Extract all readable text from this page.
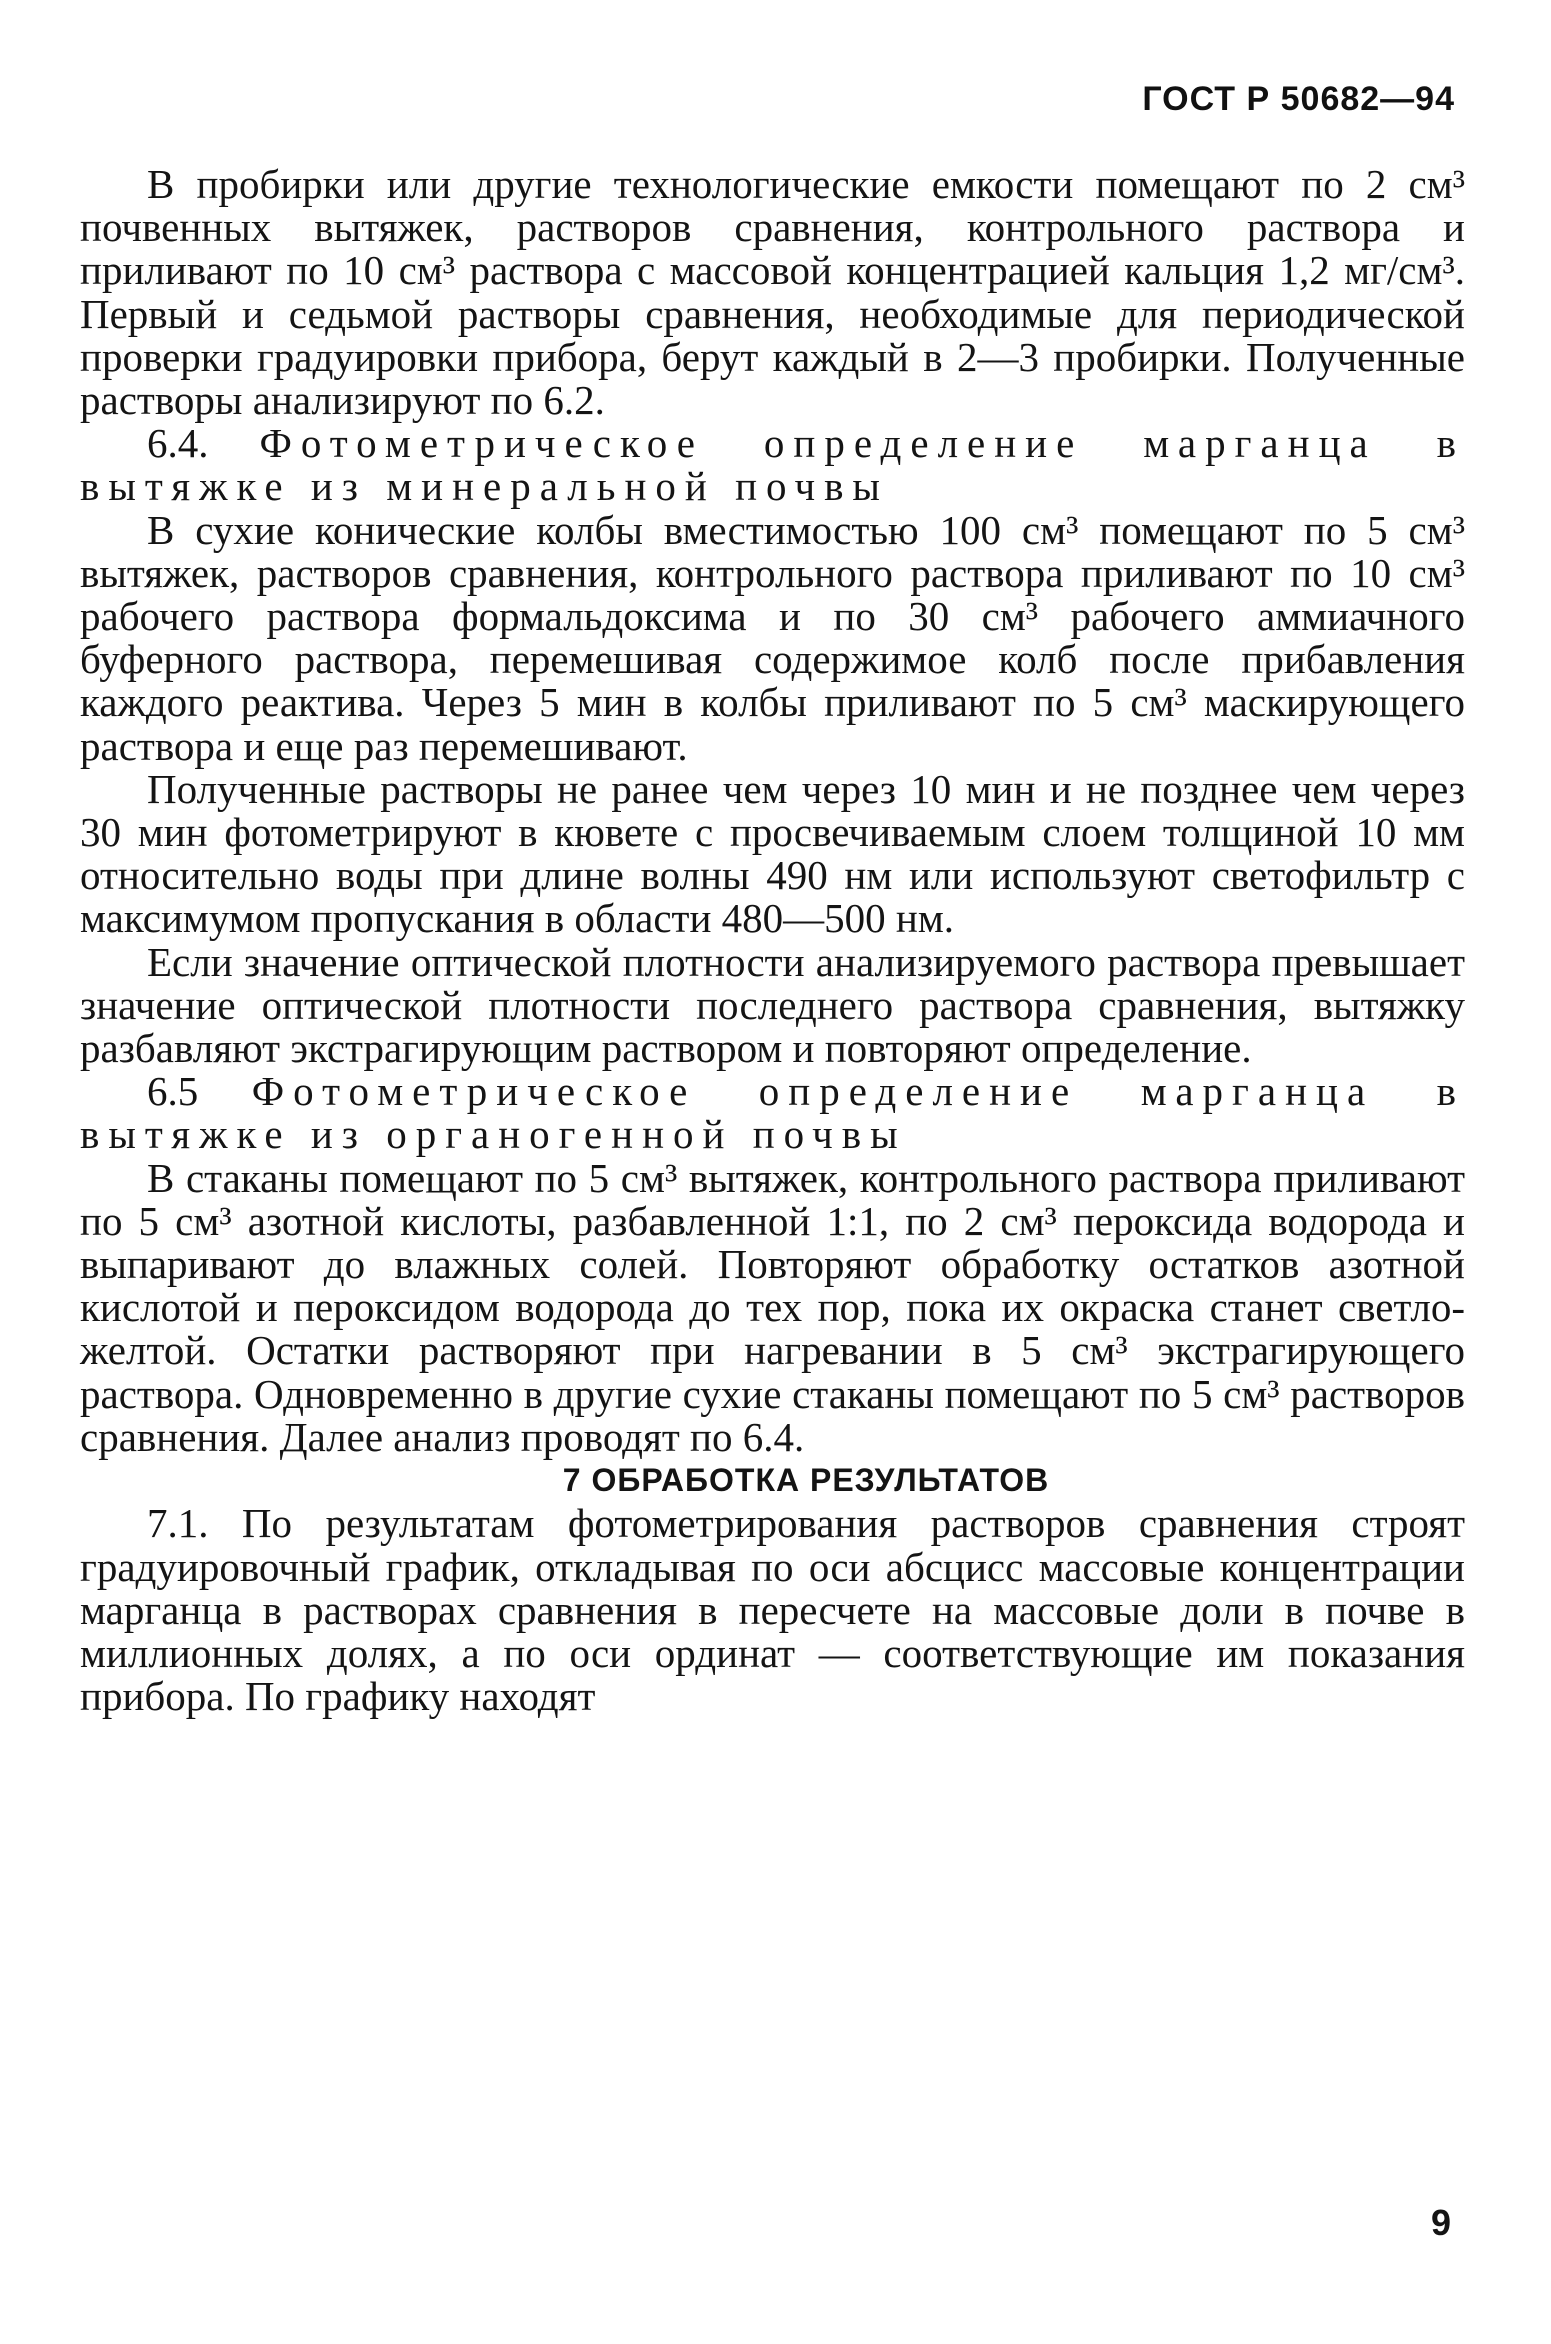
ГОСТ Р 50682—94

В пробирки или другие технологические емкости помещают по 2 см³ почвенных вытяжек, растворов сравнения, контрольного раствора и приливают по 10 см³ раствора с массовой концентрацией кальция 1,2 мг/см³. Первый и седьмой растворы сравнения, необходимые для периодической проверки градуировки прибора, берут каждый в 2—3 пробирки. Полученные растворы анализируют по 6.2.

6.4. Фотометрическое определение марганца в вытяжке из минеральной почвы

В сухие конические колбы вместимостью 100 см³ помещают по 5 см³ вытяжек, растворов сравнения, контрольного раствора приливают по 10 см³ рабочего раствора формальдоксима и по 30 см³ рабочего аммиачного буферного раствора, перемешивая содержимое колб после прибавления каждого реактива. Через 5 мин в колбы приливают по 5 см³ маскирующего раствора и еще раз перемешивают.

Полученные растворы не ранее чем через 10 мин и не позднее чем через 30 мин фотометрируют в кювете с просвечиваемым слоем толщиной 10 мм относительно воды при длине волны 490 нм или используют светофильтр с максимумом пропускания в области 480—500 нм.

Если значение оптической плотности анализируемого раствора превышает значение оптической плотности последнего раствора сравнения, вытяжку разбавляют экстрагирующим раствором и повторяют определение.

6.5 Фотометрическое определение марганца в вытяжке из органогенной почвы

В стаканы помещают по 5 см³ вытяжек, контрольного раствора приливают по 5 см³ азотной кислоты, разбавленной 1:1, по 2 см³ пероксида водорода и выпаривают до влажных солей. Повторяют обработку остатков азотной кислотой и пероксидом водорода до тех пор, пока их окраска станет светло-желтой. Остатки растворяют при нагревании в 5 см³ экстрагирующего раствора. Одновременно в другие сухие стаканы помещают по 5 см³ растворов сравнения. Далее анализ проводят по 6.4.

7 ОБРАБОТКА РЕЗУЛЬТАТОВ

7.1. По результатам фотометрирования растворов сравнения строят градуировочный график, откладывая по оси абсцисс массовые концентрации марганца в растворах сравнения в пересчете на массовые доли в почве в миллионных долях, а по оси ординат — соответствующие им показания прибора. По графику находят

9
